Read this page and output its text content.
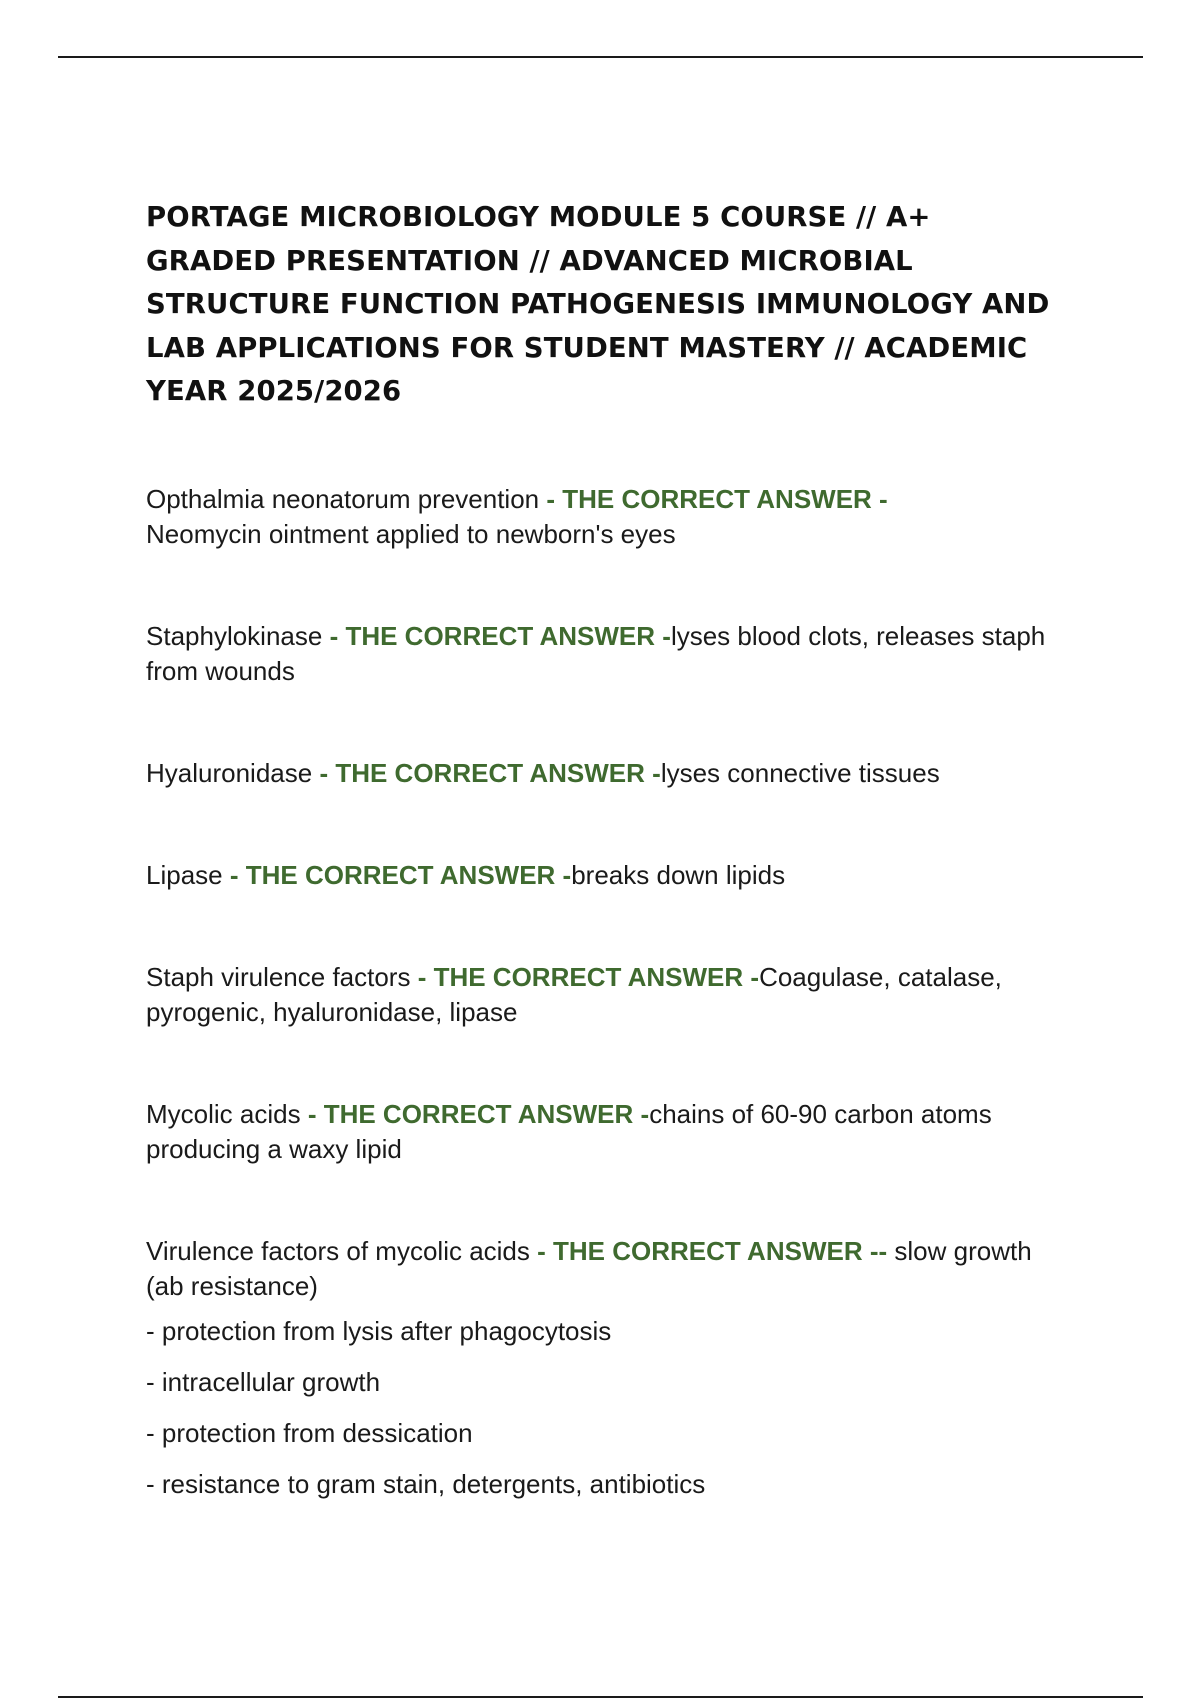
PORTAGE MICROBIOLOGY MODULE 5 COURSE // A+ GRADED PRESENTATION // ADVANCED MICROBIAL STRUCTURE FUNCTION PATHOGENESIS IMMUNOLOGY AND LAB APPLICATIONS FOR STUDENT MASTERY // ACADEMIC YEAR 2025/2026
Opthalmia neonatorum prevention - THE CORRECT ANSWER -
Neomycin ointment applied to newborn's eyes
Staphylokinase - THE CORRECT ANSWER -lyses blood clots, releases staph from wounds
Hyaluronidase - THE CORRECT ANSWER -lyses connective tissues
Lipase - THE CORRECT ANSWER -breaks down lipids
Staph virulence factors - THE CORRECT ANSWER -Coagulase, catalase, pyrogenic, hyaluronidase, lipase
Mycolic acids - THE CORRECT ANSWER -chains of 60-90 carbon atoms producing a waxy lipid
Virulence factors of mycolic acids - THE CORRECT ANSWER -- slow growth (ab resistance)
- protection from lysis after phagocytosis
- intracellular growth
- protection from dessication
- resistance to gram stain, detergents, antibiotics
